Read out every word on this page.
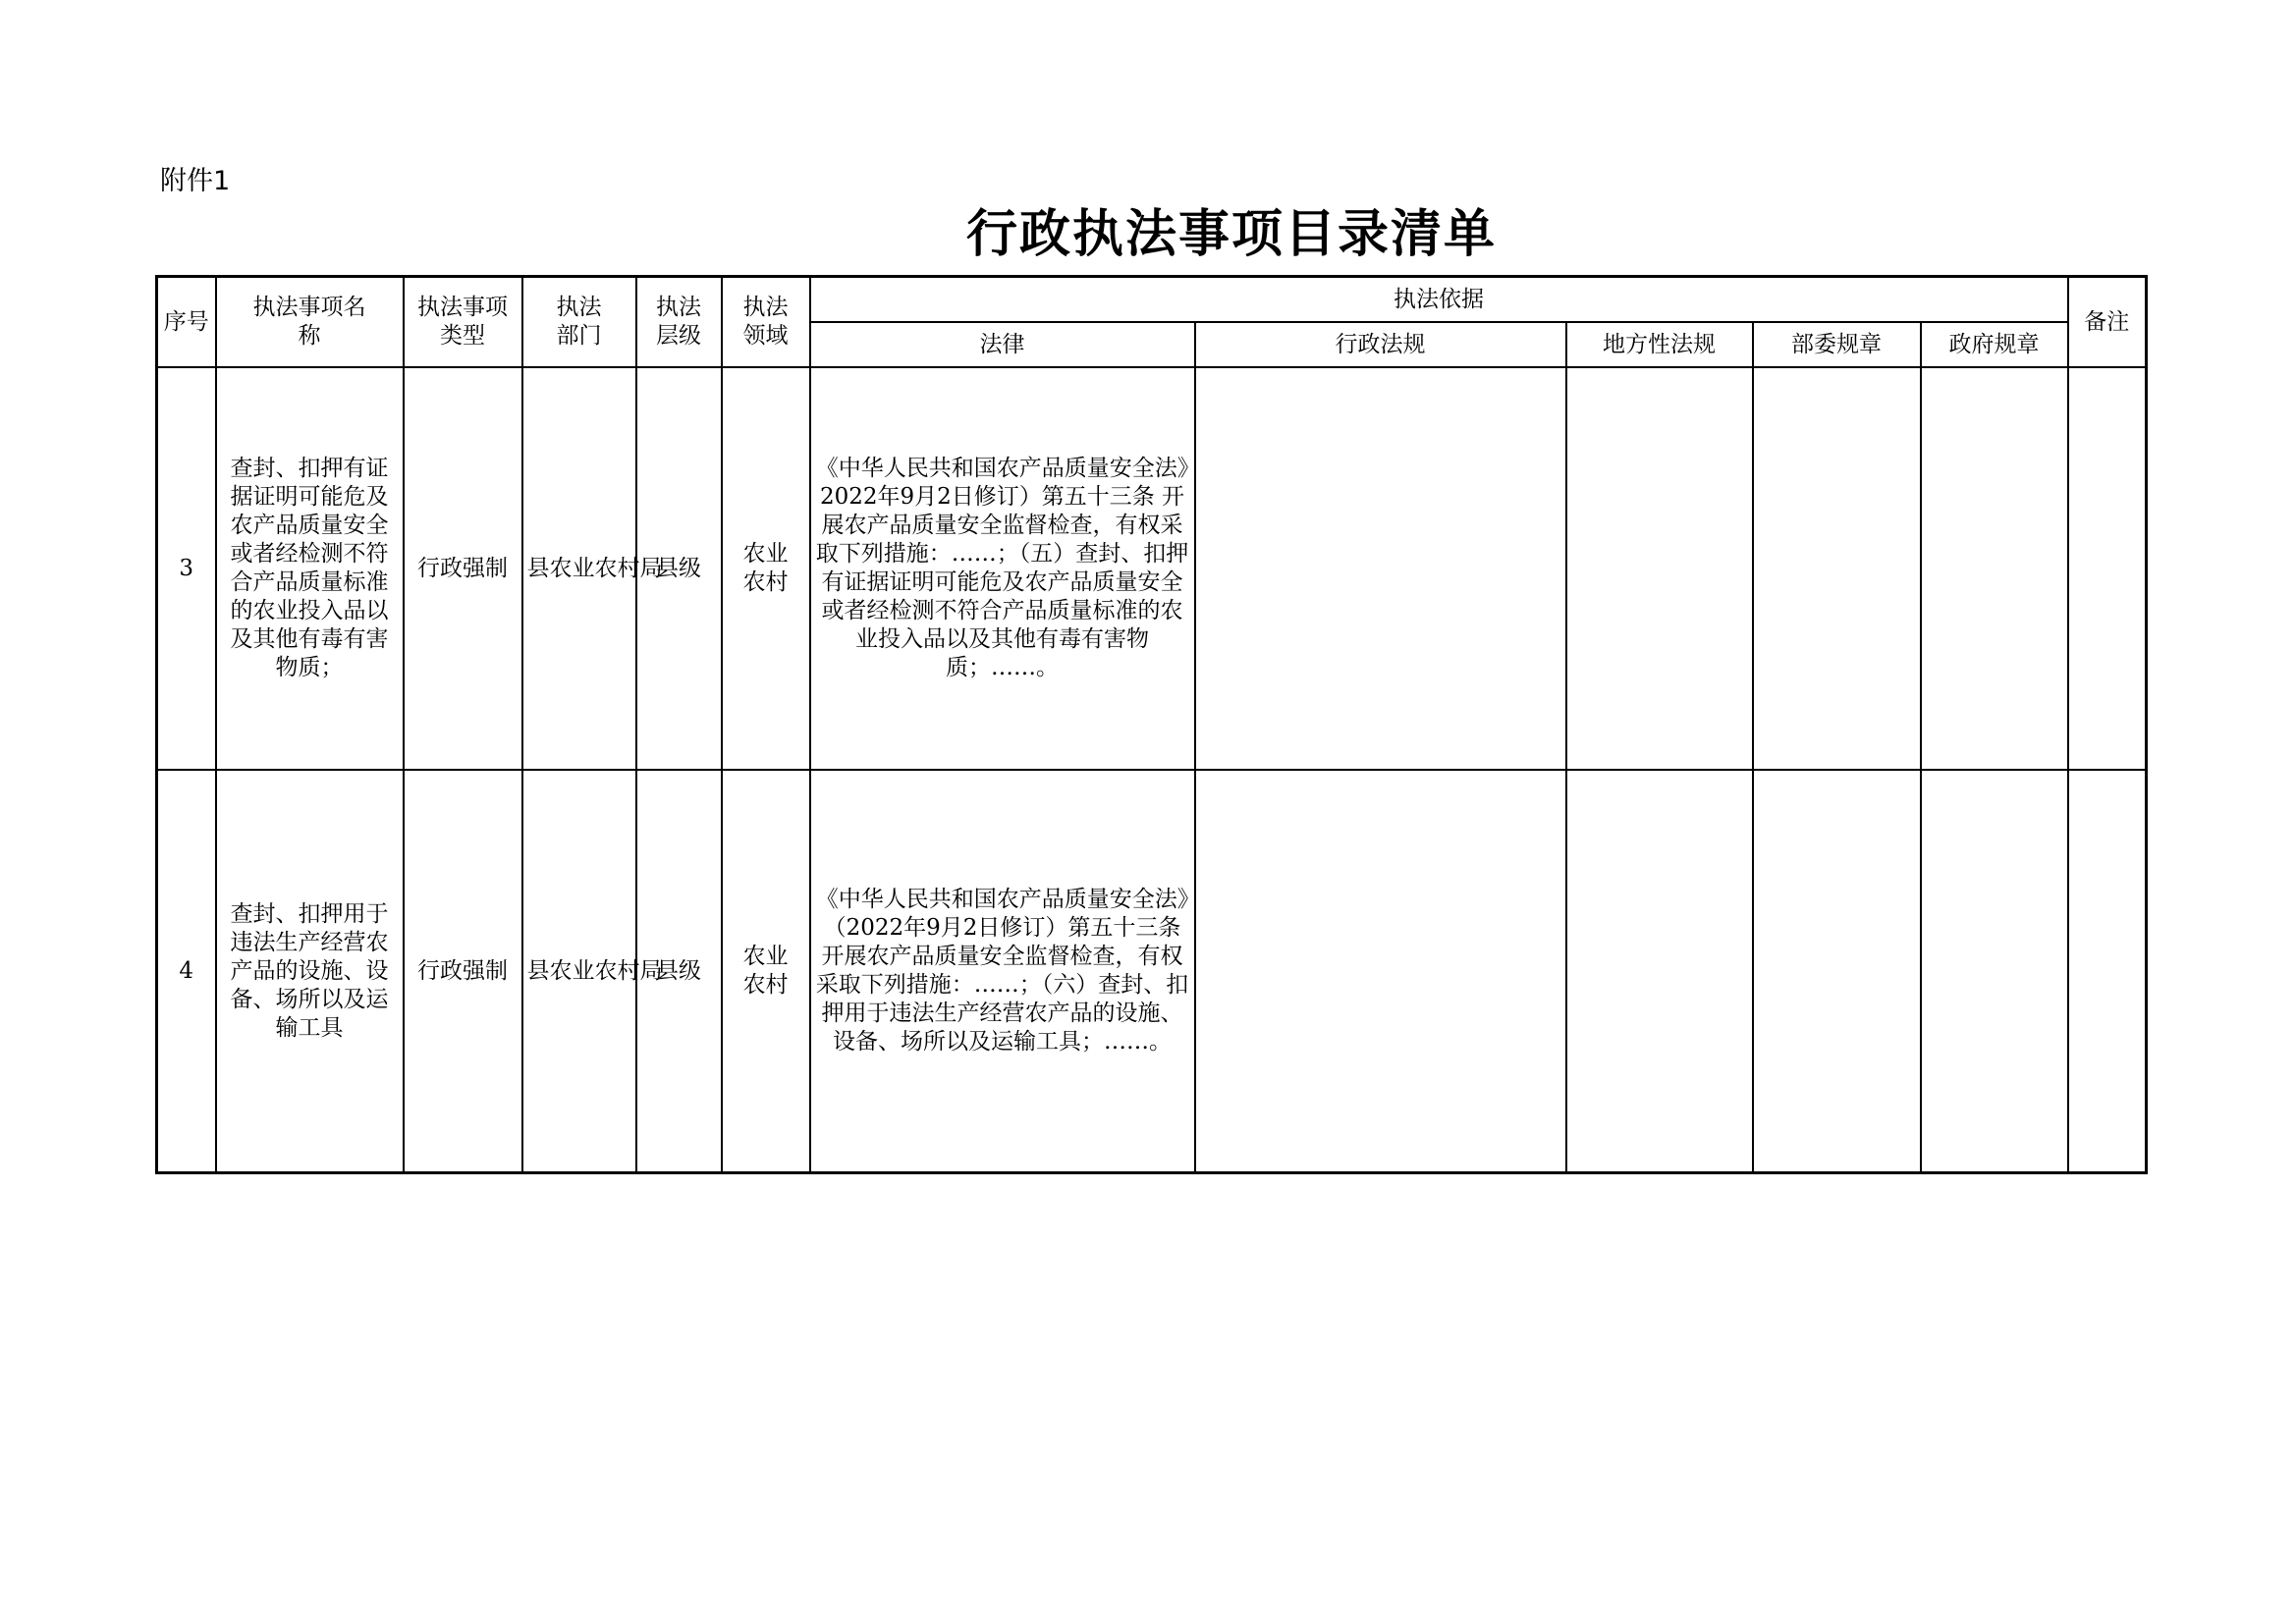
附件1
行政执法事项目录清单
序号	执法事项名称	执法事项类型	执法部门	执法层级	执法领域	执法依据					备注
						法律	行政法规	地方性法规	部委规章	政府规章	
3	查封、扣押有证据证明可能危及农产品质量安全或者经检测不符合产品质量标准的农业投入品以及其他有毒有害物质；	行政强制	县农业农村局	县级	农业农村	《中华人民共和国农产品质量安全法》2022年9月2日修订）第五十三条 开展农产品质量安全监督检查，有权采取下列措施：……；（五）查封、扣押有证据证明可能危及农产品质量安全或者经检测不符合产品质量标准的农业投入品以及其他有毒有害物质；……。					
4	查封、扣押用于违法生产经营农产品的设施、设备、场所以及运输工具	行政强制	县农业农村局	县级	农业农村	《中华人民共和国农产品质量安全法》（2022年9月2日修订）第五十三条 开展农产品质量安全监督检查，有权采取下列措施：……；（六）查封、扣押用于违法生产经营农产品的设施、设备、场所以及运输工具；……。					
